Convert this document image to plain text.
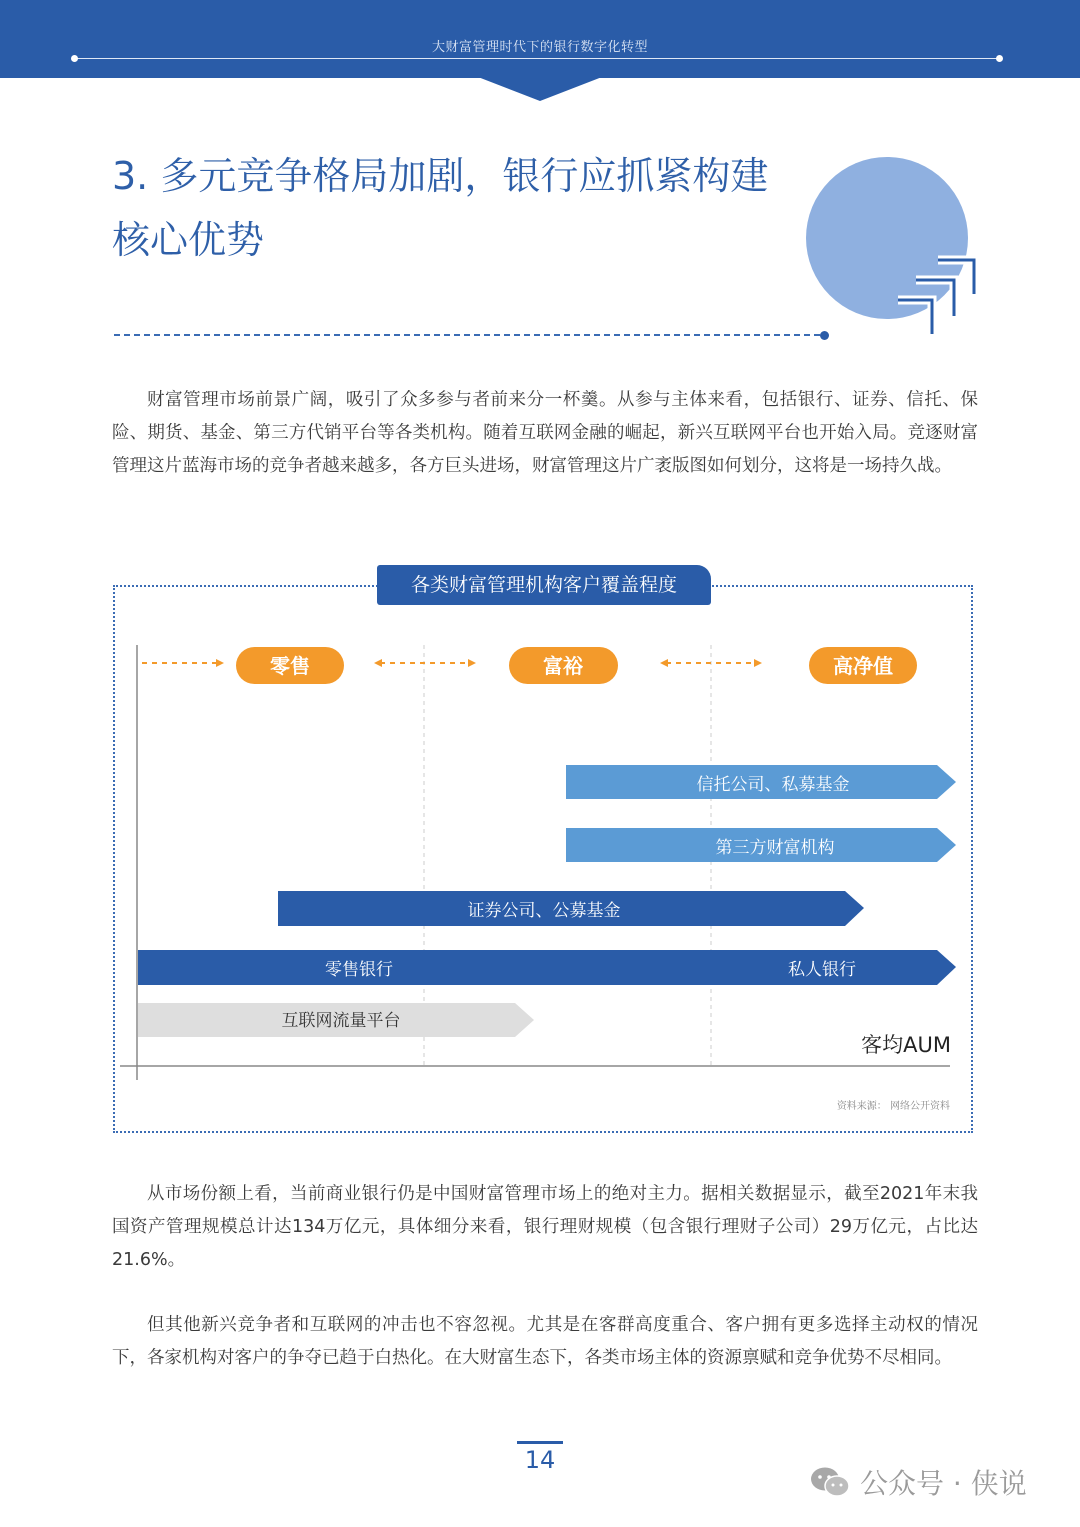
大财富管理时代下的银行数字化转型
3. 多元竞争格局加剧，银行应抓紧构建核心优势

财富管理市场前景广阔，吸引了众多参与者前来分一杯羹。从参与主体来看，包括银行、证券、信托、保险、期货、基金、第三方代销平台等各类机构。随着互联网金融的崛起，新兴互联网平台也开始入局。竞逐财富管理这片蓝海市场的竞争者越来越多，各方巨头进场，财富管理这片广袤版图如何划分，这将是一场持久战。

零售	富裕	高净值
信托公司、私募基金
第三方财富机构
证券公司、公募基金
零售银行	私人银行
互联网流量平台
客均AUM
各类财富管理机构客户覆盖程度
资料来源： 网络公开资料

从市场份额上看，当前商业银行仍是中国财富管理市场上的绝对主力。据相关数据显示，截至2021年末我国资产管理规模总计达134万亿元，具体细分来看，银行理财规模（包含银行理财子公司）29万亿元，占比达 21.6%。

但其他新兴竞争者和互联网的冲击也不容忽视。尤其是在客群高度重合、客户拥有更多选择主动权的情况下，各家机构对客户的争夺已趋于白热化。在大财富生态下，各类市场主体的资源禀赋和竞争优势不尽相同。

14
公众号 · 侠说
